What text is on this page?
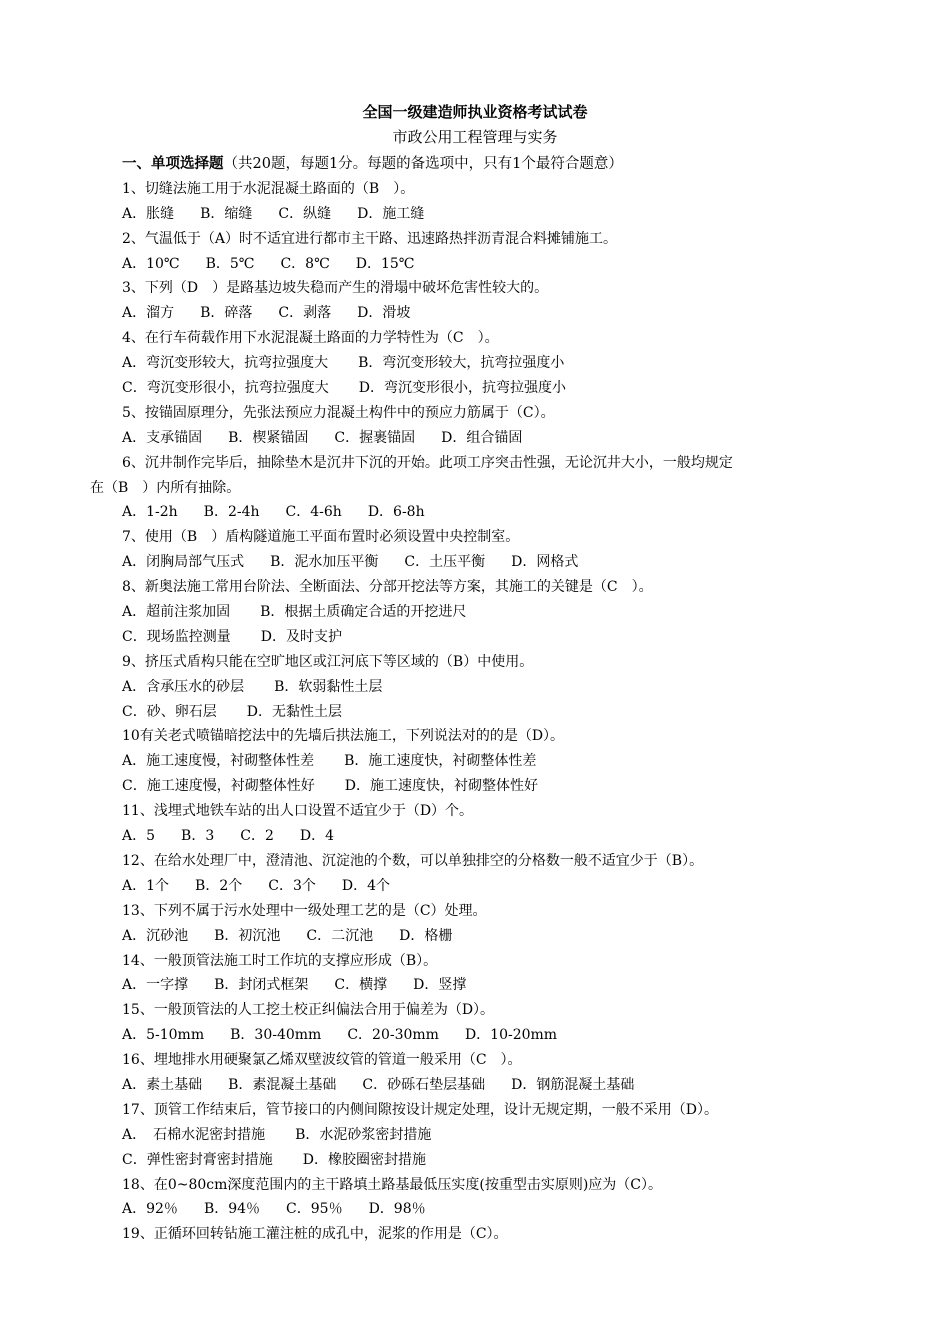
全国一级建造师执业资格考试试卷
市政公用工程管理与实务
一、单项选择题（共20题，每题1分。每题的备选项中，只有1个最符合题意）
1、切缝法施工用于水泥混凝土路面的（B　）。
A．胀缝 B．缩缝 C．纵缝 D．施工缝
2、气温低于（A）时不适宜进行都市主干路、迅速路热拌沥青混合料摊铺施工。
A．10℃ B．5℃ C．8℃ D．15℃
3、下列（D　）是路基边坡失稳而产生的滑塌中破坏危害性较大的。
A．溜方 B．碎落 C．剥落 D．滑坡
4、在行车荷载作用下水泥混凝土路面的力学特性为（C　）。
A．弯沉变形较大，抗弯拉强度大 B．弯沉变形较大，抗弯拉强度小
C．弯沉变形很小，抗弯拉强度大 D．弯沉变形很小，抗弯拉强度小
5、按锚固原理分，先张法预应力混凝土构件中的预应力筋属于（C）。
A．支承锚固 B．楔紧锚固 C．握裹锚固 D．组合锚固
6、沉井制作完毕后，抽除垫木是沉井下沉的开始。此项工序突击性强，无论沉井大小，一般均规定
在（B　）内所有抽除。
A．1-2h B．2-4h C．4-6h D．6-8h
7、使用（B　）盾构隧道施工平面布置时必须设置中央控制室。
A．闭胸局部气压式 B．泥水加压平衡 C．土压平衡 D．网格式
8、新奥法施工常用台阶法、全断面法、分部开挖法等方案，其施工的关键是（C　）。
A．超前注浆加固 B．根据土质确定合适的开挖进尺
C．现场监控测量 D．及时支护
9、挤压式盾构只能在空旷地区或江河底下等区域的（B）中使用。
A．含承压水的砂层 B．软弱黏性土层
C．砂、卵石层 D．无黏性土层
10有关老式喷锚暗挖法中的先墙后拱法施工，下列说法对的的是（D）。
A．施工速度慢，衬砌整体性差 B．施工速度快，衬砌整体性差
C．施工速度慢，衬砌整体性好 D．施工速度快，衬砌整体性好
11、浅埋式地铁车站的出人口设置不适宜少于（D）个。
A．5 B．3 C．2 D．4
12、在给水处理厂中，澄清池、沉淀池的个数，可以单独排空的分格数一般不适宜少于（B）。
A．1个 B．2个 C．3个 D．4个
13、下列不属于污水处理中一级处理工艺的是（C）处理。
A．沉砂池 B．初沉池 C．二沉池 D．格栅
14、一般顶管法施工时工作坑的支撑应形成（B）。
A．一字撑 B．封闭式框架 C．横撑 D．竖撑
15、一般顶管法的人工挖土校正纠偏法合用于偏差为（D）。
A．5-10mm B．30-40mm C．20-30mm D．10-20mm
16、埋地排水用硬聚氯乙烯双壁波纹管的管道一般采用（C　）。
A．素土基础 B．素混凝土基础 C．砂砾石垫层基础 D．钢筋混凝土基础
17、顶管工作结束后，管节接口的内侧间隙按设计规定处理，设计无规定期，一般不采用（D）。
A．　石棉水泥密封措施 B．水泥砂浆密封措施
C．弹性密封膏密封措施 D．橡胶圈密封措施
18、在0~80cm深度范围内的主干路填土路基最低压实度(按重型击实原则)应为（C）。
A．92％ B．94％ C．95％ D．98％
19、正循环回转钻施工灌注桩的成孔中，泥浆的作用是（C）。
